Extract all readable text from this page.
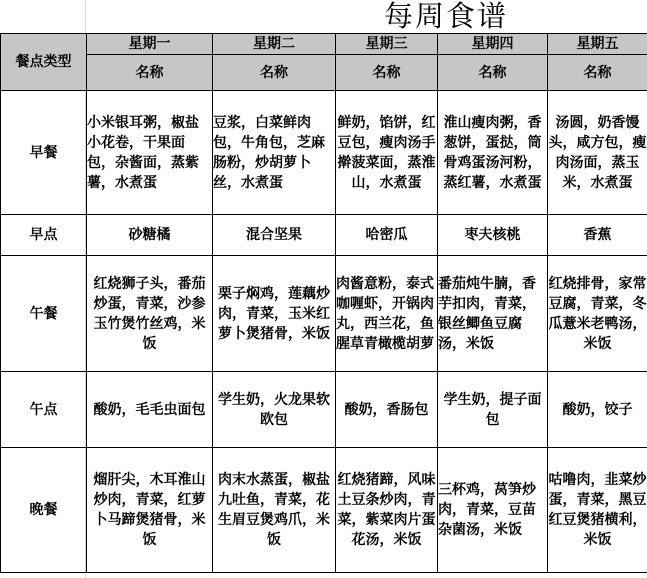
每周食谱
餐点类型	星期一	星期二	星期三	星期四	星期五
	名称	名称	名称	名称	名称
早餐	小米银耳粥，椒盐小花卷，干果面包，杂酱面，蒸紫薯，水煮蛋	豆浆，白菜鲜肉包，牛角包，芝麻肠粉，炒胡萝卜丝，水煮蛋	鲜奶，馅饼，红豆包，瘦肉汤手擀菠菜面，蒸淮山，水煮蛋	淮山瘦肉粥，香葱饼，蛋挞，筒骨鸡蛋汤河粉，蒸红薯，水煮蛋	汤圆，奶香馒头，咸方包，瘦肉汤面，蒸玉米，水煮蛋
早点	砂糖橘	混合坚果	哈密瓜	枣夫核桃	香蕉
午餐	红烧狮子头，番茄炒蛋，青菜，沙参玉竹煲竹丝鸡，米饭	栗子焖鸡，莲藕炒肉，青菜，玉米红萝卜煲猪骨，米饭	肉酱意粉，泰式咖喱虾，开锅肉丸，西兰花，鱼腥草青橄榄胡萝	番茄炖牛腩，香芋扣肉，青菜，银丝鲫鱼豆腐汤，米饭	红烧排骨，家常豆腐，青菜，冬瓜薏米老鸭汤，米饭
午点	酸奶，毛毛虫面包	学生奶，火龙果软欧包	酸奶，香肠包	学生奶，提子面包	酸奶，饺子
晚餐	熘肝尖，木耳淮山炒肉，青菜，红萝卜马蹄煲猪骨，米饭	肉末水蒸蛋，椒盐九吐鱼，青菜，花生眉豆煲鸡爪，米饭	红烧猪蹄，风味土豆条炒肉，青菜，紫菜肉片蛋花汤，米饭	三杯鸡，莴笋炒肉，青菜，豆苗杂菌汤，米饭	咕噜肉，韭菜炒蛋，青菜，黑豆红豆煲猪横利，米饭
